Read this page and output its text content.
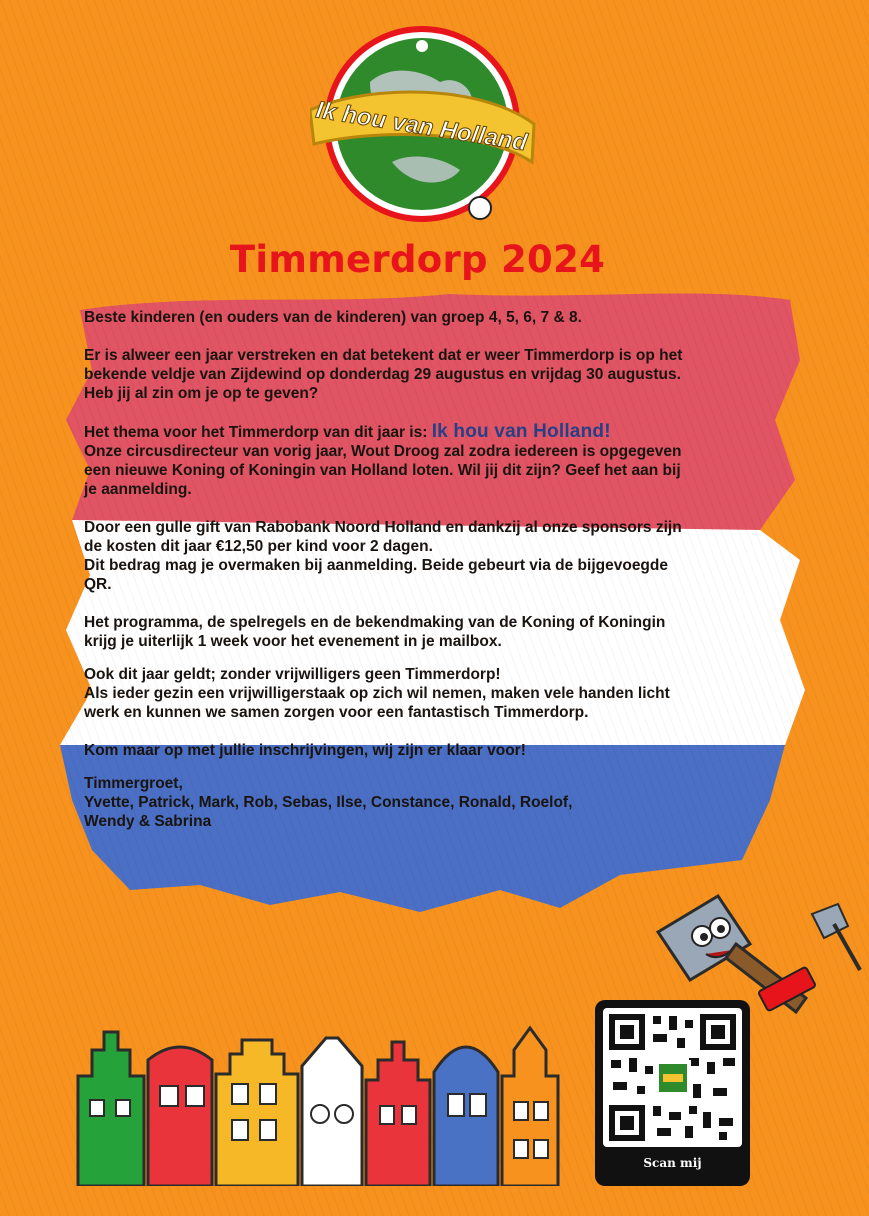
Ik hou van Holland
Timmerdorp 2024

Beste kinderen (en ouders van de kinderen) van groep 4, 5, 6, 7 & 8.

Er is alweer een jaar verstreken en dat betekent dat er weer Timmerdorp is op het

bekende veldje van Zijdewind op donderdag 29 augustus en vrijdag 30 augustus.

Heb jij al zin om je op te geven?

Het thema voor het Timmerdorp van dit jaar is: Ik hou van Holland!

Onze circusdirecteur van vorig jaar, Wout Droog zal zodra iedereen is opgegeven

een nieuwe Koning of Koningin van Holland loten. Wil jij dit zijn? Geef het aan bij

je aanmelding.

Door een gulle gift van Rabobank Noord Holland en dankzij al onze sponsors zijn

de kosten dit jaar €12,50 per kind voor 2 dagen.

Dit bedrag mag je overmaken bij aanmelding. Beide gebeurt via de bijgevoegde

QR.

Het programma, de spelregels en de bekendmaking van de Koning of Koningin

krijg je uiterlijk 1 week voor het evenement in je mailbox.

Ook dit jaar geldt; zonder vrijwilligers geen Timmerdorp!

Als ieder gezin een vrijwilligerstaak op zich wil nemen, maken vele handen licht

werk en kunnen we samen zorgen voor een fantastisch Timmerdorp.

Kom maar op met jullie inschrijvingen, wij zijn er klaar voor!

Timmergroet,

Yvette, Patrick, Mark, Rob, Sebas, Ilse, Constance, Ronald, Roelof,

Wendy & Sabrina

Scan mij
